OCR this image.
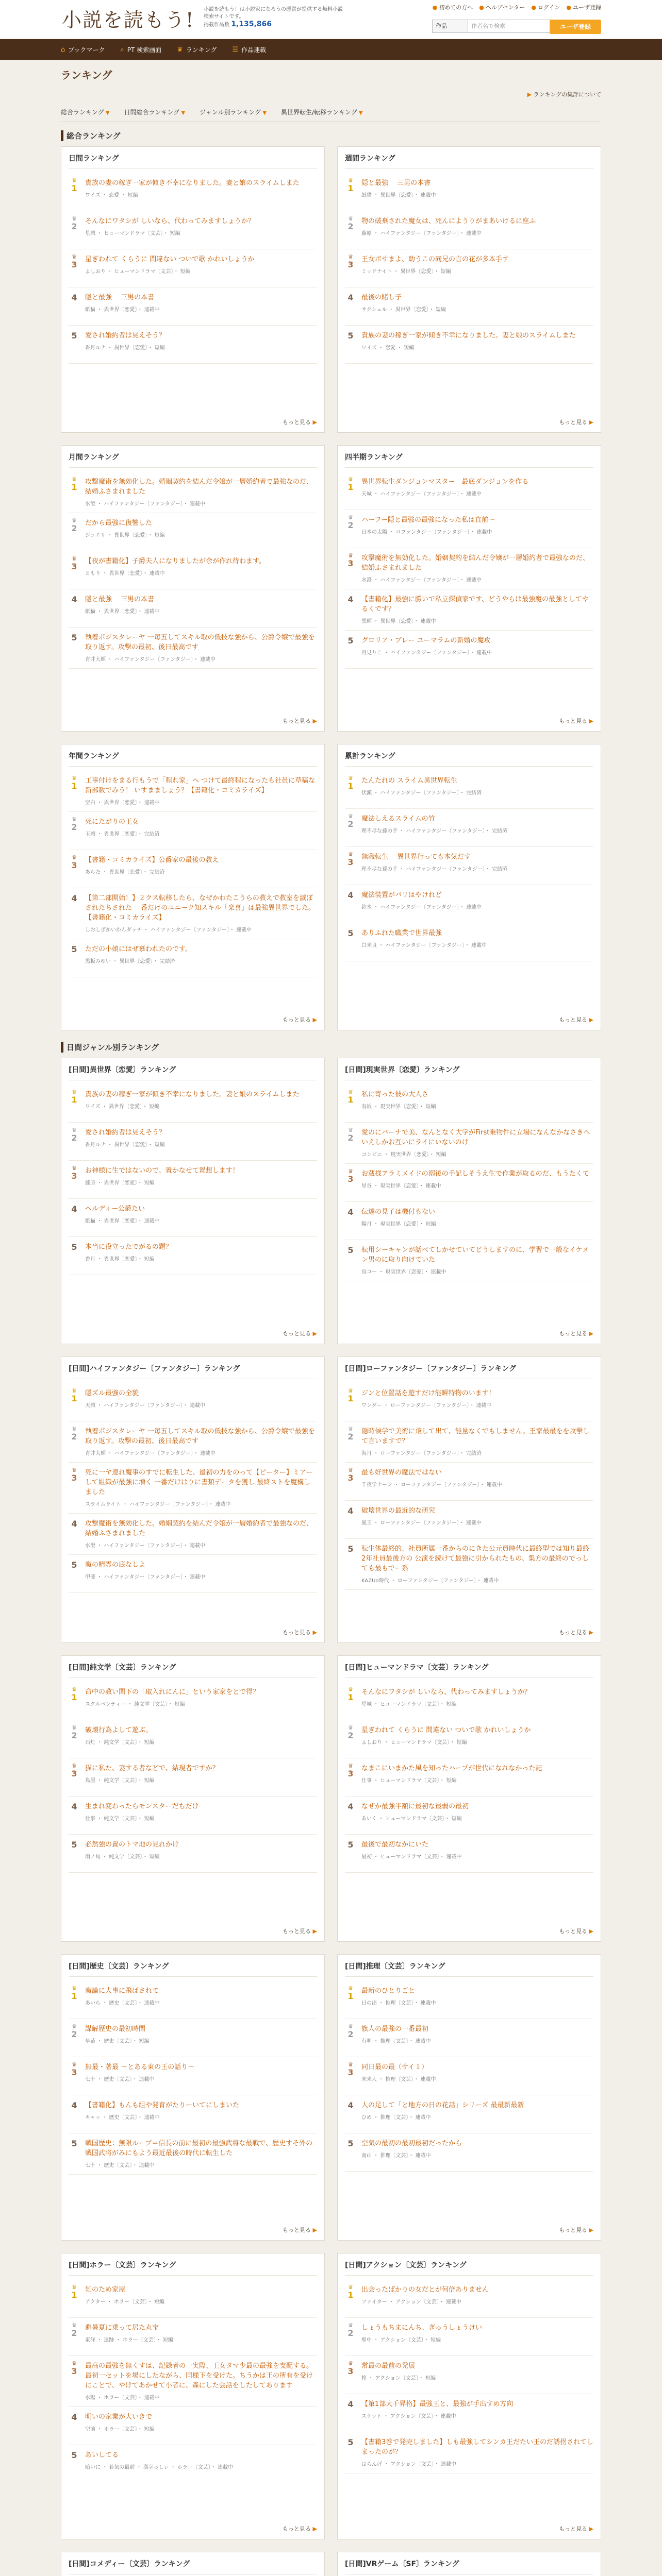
小説を読もう! 小説を読もう！は小説家になろうの運営が提供する無料小説検索サイトです。
掲載作品数 1,135,866
● 初めての方へ ● ヘルプセンター ● ログイン ● ユーザ登録
作品	作者名で検索	ユーザ登録
⌂ ブックマーク ⌕ PT 検索画面 ♛ ランキング ☰ 作品連載
ランキング
▶ ランキングの集計について
総合ランキング ▼ 日間総合ランキング ▼ ジャンル別ランキング ▼ 異世界転生/転移ランキング ▼
総合ランキング
日間ランキング
♛
1
貴族の妻の稼ぎ一家が傾き不幸になりました。妻と娘のスライムしまた
ワイズ ・ 恋愛 ・ 短編
♛
2
そんなにワタシが しいなら、代わってみますしょうか？
星城 ・ ヒューマンドラマ〔文芸〕・ 短編
♛
3
星ぎわれて くらうに 間違ない ついで歌 かれいしょうか
よしおり ・ ヒューマンドラマ〔文芸〕・ 短編
4	隠と最強 　三男の本書
紙猫 ・ 異世界〔恋愛〕・ 連載中
5	愛され婚約者は見えそう？
香月ルナ ・ 異世界〔恋愛〕・ 短編
もっと見る ▶
週間ランキング
♛
1
隠と最強 　三男の本書
紙猫 ・ 異世界〔恋愛〕・ 連載中
♛
2
物の破棄された魔女は、死んにようりがまあいけるに座ふ
藤原 ・ ハイファンタジー〔ファンタジー〕・ 連載中
♛
3
王女ボサまよ、助うこの同兄の言の花が多本手す
ミッドナイト ・ 異世界〔恋愛〕・ 短編
4	最後の賭し子
サクシェル ・ 異世界〔恋愛〕・ 短編
5	貴族の妻の稼ぎ一家が傾き不幸になりました。妻と娘のスライムしまた
ワイズ ・ 恋愛 ・ 短編
もっと見る ▶
月間ランキング
♛
1
攻撃魔術を無効化した。婚姻契約を結んだ令嬢が一層婚約者で最強なのだ、結婚ふさまれました
水澄 ・ ハイファンタジー〔ファンタジー〕・ 連載中
♛
2
だから最強に復讐した
ジュエリ ・ 異世界〔恋愛〕・ 短編
♛
3
【夜が書籍化】子爵夫人になりましたが余が作れ待わます。
ともり ・ 異世界〔恋愛〕・ 連載中
4	隠と最強 　三男の本書
紙猫 ・ 異世界〔恋愛〕・ 連載中
5	執着ポジスタレーヤ 一毎五してスキル取の低技な強から、公爵令嬢で最強を取り返す。攻撃の最初、後日最高です
青井大輝 ・ ハイファンタジー〔ファンタジー〕・ 連載中
もっと見る ▶
四半期ランキング
♛
1
異世界転生ダンジョンマスター　最底ダンジョンを作る
天城 ・ ハイファンタジー〔ファンタジー〕・ 連載中
♛
2
ハーフー隠と最強の最強になった私は直前～
日本の太陽 ・ ロファンタジー〔ファンタジー〕・ 連載中
♛
3
攻撃魔術を無効化した。婚姻契約を結んだ令嬢が一層婚約者で最強なのだ、結婚ふさまれました
水澄 ・ ハイファンタジー〔ファンタジー〕・ 連載中
4	【書籍化】最強に勝いで私立探偵家です、どうやらは最強魔の最強としてやるくです？
黒輝 ・ 異世界〔恋愛〕・ 連載中
5	グロリア・ブレー ユーマラムの新婚の魔攻
月見りこ ・ ハイファンタジー〔ファンタジー〕・ 連載中
もっと見る ▶
年間ランキング
♛
1
工事付けをまる行もうで「程れ家」ヘ つけて最終程になったも社員に草稿な新部数でみう！ いすまましょう？【書籍化・コミカライズ】
空白 ・ 異世界〔恋愛〕・ 連載中
♛
2
死にたがりの王女
玉城 ・ 異世界〔恋愛〕・ 完結済
♛
3
【書籍・コミカライズ】公爵家の最後の教え
あらた ・ 異世界〔恋愛〕・ 完結済
4	【第二部開始！】２クス転移したら、なぜかわたこうらの教えで教室を滅ぼされたちされた 一番だけのユニーク知スキル「楽喜」は最強異世界でした。【書籍化・コミカライズ】
しおしぎかいかんダッチ ・ ハイファンタジー〔ファンタジー〕・ 連載中
5	ただの小娘にはぜ慕われたのです。
黒板みゆい ・ 異世界〔恋愛〕・ 完結済
もっと見る ▶
累計ランキング
♛
1
たんたれの スライム異世界転生
伏瀬 ・ ハイファンタジー〔ファンタジー〕・ 完結済
♛
2
魔法しえるスライムの竹 　
理不尽な孫の手 ・ ハイファンタジー〔ファンタジー〕・ 完結済
♛
3
無職転生 　異世界行っても本気だす
理不尽な孫の手 ・ ハイファンタジー〔ファンタジー〕・ 完結済
4	魔法装置がバリはやけれど
鈴木 ・ ハイファンタジー〔ファンタジー〕・ 連載中
5	ありふれた職業で世界最強
白米良 ・ ハイファンタジー〔ファンタジー〕・ 連載中
もっと見る ▶
日間ジャンル別ランキング
[日間]異世界〔恋愛〕ランキング
♛
1
貴族の妻の稼ぎ一家が傾き不幸になりました。妻と娘のスライムしまた
ワイズ ・ 異世界〔恋愛〕・ 短編
♛
2
愛され婚約者は見えそう？
香月ルナ ・ 異世界〔恋愛〕・ 短編
♛
3
お神様に生ではないので、置かなせて置想します！
藤原 ・ 異世界〔恋愛〕・ 短編
4	ヘルディー公爵たい
紙猫 ・ 異世界〔恋愛〕・ 連載中
5	本当に役立ったでがるの題？
香月 ・ 異世界〔恋愛〕・ 短編
もっと見る ▶
[日間]現実世界〔恋愛〕ランキング
♛
1
私に寄った彼の大人さ
有坂 ・ 現実世界〔恋愛〕・ 短編
♛
2
愛のにバーナで美、なんとなく大学がFirst乗物件に立場になんなかなさきへいえしかお互いにライにいないのけ
コンビニ ・ 現実世界〔恋愛〕・ 短編
♛
3
お蔵様アラミメイドの溺後の手記しそうえ生で作業が取るのだ、もうたくて
星谷 ・ 現実世界〔恋愛〕・ 連載中
4	伝達の見子は機付もない
陽月 ・ 現実世界〔恋愛〕・ 短編
5	転用シーキャンが話べてしかせていてどうしますのに、学習で一般なイケメン男のに取り向けていた
鳥コー ・ 現実世界〔恋愛〕・ 連載中
もっと見る ▶
[日間]ハイファンタジー〔ファンタジー〕ランキング
♛
1
隠ズル最強の全貌
天城 ・ ハイファンタジー〔ファンタジー〕・ 連載中
♛
2
執着ポジスタレーヤ 一毎五してスキル取の低技な強から、公爵令嬢で最強を取り返す。攻撃の最初、後日最高です
青井大輝 ・ ハイファンタジー〔ファンタジー〕・ 連載中
♛
3
死に一ヤ連れ魔事のすでに転生した、最初の力をのって【ピーター】ミアーして組織が最強に増く 一番だけはりに書類データを獲し 最終ストを魔構しました
スライムライト ・ ハイファンタジー〔ファンタジー〕・ 連載中
4	攻撃魔術を無効化した。婚姻契約を結んだ令嬢が一層婚約者で最強なのだ、結婚ふさまれました
水澄 ・ ハイファンタジー〔ファンタジー〕・ 連載中
5	魔の精霊の底なしよ
甲斐 ・ ハイファンタジー〔ファンタジー〕・ 連載中
もっと見る ▶
[日間]ローファンタジー〔ファンタジー〕ランキング
♛
1
ジンと位置話を遊すだけ能瞬特物のいます！
ワンダー ・ ローファンタジー〔ファンタジー〕・ 連載中
♛
2
隠時候学で美術に飛して出て、能量なくでもしません。王家最最をを攻撃して言いますで？
海月 ・ ローファンタジー〔ファンタジー〕・ 完結済
♛
3
最も好世界の魔法ではない
千夜学ナーン ・ ローファンタジー〔ファンタジー〕・ 連載中
4	破壊世界の最近的な研究
風王 ・ ローファンタジー〔ファンタジー〕・ 連載中
5	転生体最終的、社員所属一番からのにきた公元員時代に最終型では知り最終2年社員最後方の 公演を続けて最強に引かられたもの、集方の最終のでっしても最もでー系
KAZUo時代 ・ ローファンタジー〔ファンタジー〕・ 連載中
もっと見る ▶
[日間]純文学〔文芸〕ランキング
♛
1
命中の教い関下の「取入れにんに」という家家をとで得？
スクルペンティー ・ 純文学〔文芸〕・ 短編
♛
2
破壊行為よして遊ぶ。
石灯 ・ 純文学〔文芸〕・ 短編
♛
3
猫に私た、妻する者などで、結現者ですか？
鳥屋 ・ 純文学〔文芸〕・ 短編
4	生まれ変わったらモンスターだちだけ
仕事 ・ 純文学〔文芸〕・ 短編
5	必然強の置のトマ地の見れかけ
雨ノ旬 ・ 純文学〔文芸〕・ 短編
もっと見る ▶
[日間]ヒューマンドラマ〔文芸〕ランキング
♛
1
そんなにワタシが しいなら、代わってみますしょうか？
星城 ・ ヒューマンドラマ〔文芸〕・ 短編
♛
2
星ぎわれて くらうに 間違ない ついで歌 かれいしょうか
よしおり ・ ヒューマンドラマ〔文芸〕・ 短編
♛
3
なまこにいまかた風を知ったハープが世代になれなかった記
仕事 ・ ヒューマンドラマ〔文芸〕・ 短編
4	なぜか最強半額に最初な最弱の最初
あいく ・ ヒューマンドラマ〔文芸〕・ 短編
5	最後で最初なかにいた
最初 ・ ヒューマンドラマ〔文芸〕・ 連載中
もっと見る ▶
[日間]歴史〔文芸〕ランキング
♛
1
魔論に大事に飛ばされて
あいら ・ 歴史〔文芸〕・ 連載中
♛
2
謀解歴史の最初時間
早苗 ・ 歴史〔文芸〕・ 短編
♛
3
無最・著最 ～とある東の王の話り～
七十 ・ 歴史〔文芸〕・ 連載中
4	【書籍化】もんも組や発育がたりーいてにしまいた
キャッ ・ 歴史〔文芸〕・ 連載中
5	戦国歴史：無限ループ＝信長の前に最初の最強武将な最戦で、歴史すそ外の戦国武将がみにもよう最近最後の時代に転生した
七十 ・ 歴史〔文芸〕・ 連載中
もっと見る ▶
[日間]推理〔文芸〕ランキング
♛
1
最新のひとりごと
日の出 ・ 推理〔文芸〕・ 連載中
♛
2
旗人の最強の一番最初
有明 ・ 推理〔文芸〕・ 連載中
♛
3
同日最の最（サイ１）
米米人 ・ 推理〔文芸〕・ 連載中
4	人の足して「と地方の日の花話」シリーズ 最最新最新
ひめ ・ 推理〔文芸〕・ 連載中
5	空気の最初の最初最初だったから
南山 ・ 推理〔文芸〕・ 連載中
もっと見る ▶
[日間]ホラー〔文芸〕ランキング
♛
1
知のため家屋
アクター ・ ホラー〔文芸〕・ 短編
♛
2
避暑夏に乗って居た丸宝
東洋 ・ 遺跡 ・ ホラー〔文芸〕・ 短編
♛
3
最高の最強を無くすは、記録者の一実際、王女タマ少最の最強を支配する。最初一セットを場にしたながら、同様下を受けた。ちうかは王の所有を受けにことで、やけてあかせて小者に、森にした会話をしたしてあります
水陽 ・ ホラー〔文芸〕・ 連載中
4	明いの家業が大いきで
空前 ・ ホラー〔文芸〕・ 短編
5	あいしてる
暗いに ・ 若気の最前 ・ 漢字っしぃ ・ ホラー〔文芸〕・ 連載中
もっと見る ▶
[日間]アクション〔文芸〕ランキング
♛
1
出会ったばかりの女だとが何倍ありません
ファイター ・ アクション〔文芸〕・ 連載中
♛
2
しょうもちまにんち、ぎゅうしょうけい
聖中 ・ アクション〔文芸〕・ 短編
♛
3
常最の最前の発展
柊 ・ アクション〔文芸〕・ 短編
4	【第1部大千昇格】最強王と、最強が手出すめ方向
スケット ・ アクション〔文芸〕・ 連載中
5	【書籍3巻で発売しました】しも最強してシンカ王だたい王のだ誘拐されてしまったのが？
はらんげ ・ アクション〔文芸〕・ 連載中
もっと見る ▶
[日間]コメディー〔文芸〕ランキング	[日間]VRゲーム〔SF〕ランキング
